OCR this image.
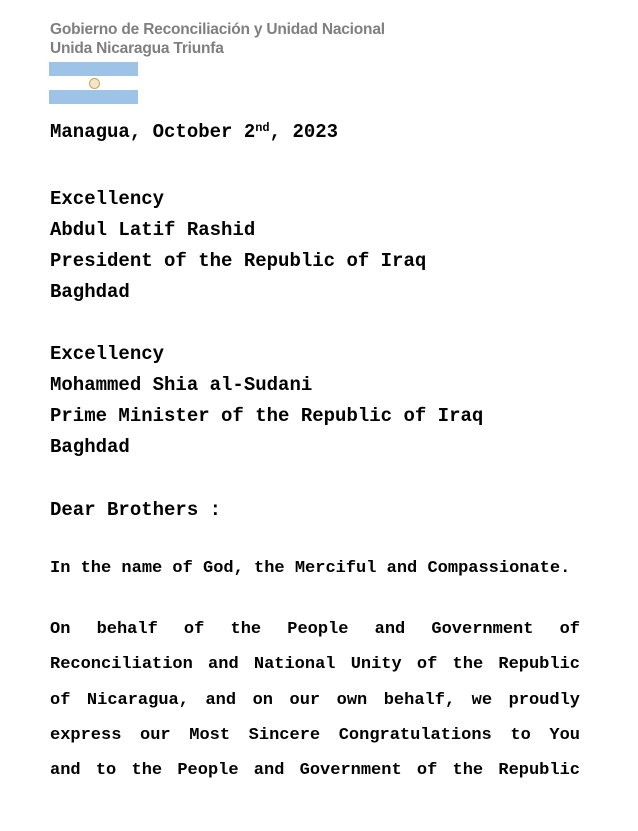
Gobierno de Reconciliación y Unidad Nacional
Unida Nicaragua Triunfa
Managua, October 2nd, 2023
Excellency
Abdul Latif Rashid
President of the Republic of Iraq
Baghdad
Excellency
Mohammed Shia al-Sudani
Prime Minister of the Republic of Iraq
Baghdad
Dear Brothers :
In the name of God, the Merciful and Compassionate.
On behalf of the People and Government of
Reconciliation and National Unity of the Republic
of Nicaragua, and on our own behalf, we proudly
express our Most Sincere Congratulations to You
and to the People and Government of the Republic
